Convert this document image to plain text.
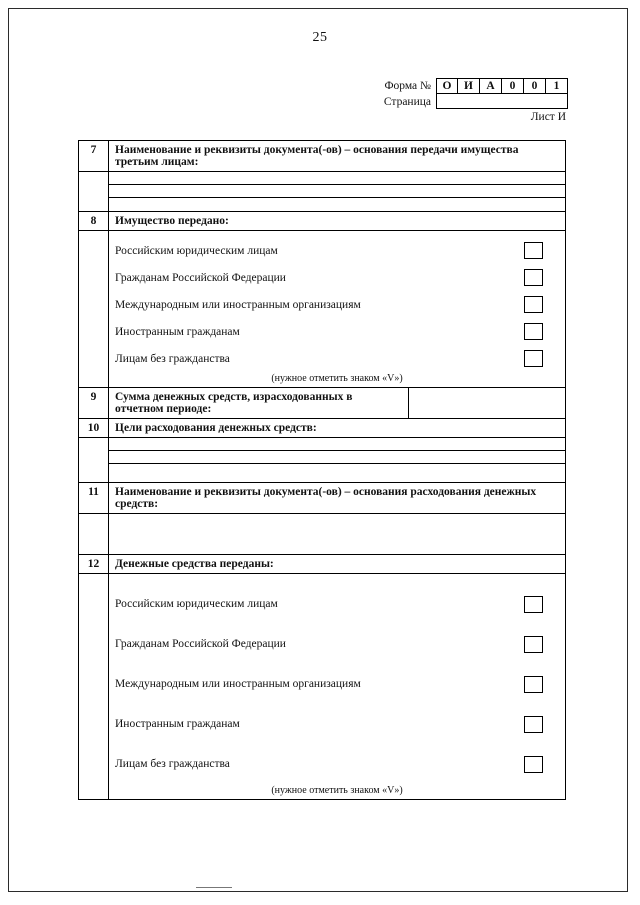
25
Форма №	О	И	А	0	0	1
Страница
Лист И
7	Наименование и реквизиты документа(-ов) – основания передачи имущества третьим лицам:
8	Имущество передано:
Российским юридическим лицам
Гражданам Российской Федерации
Международным или иностранным организациям
Иностранным гражданам
Лицам без гражданства
(нужное отметить знаком «V»)
9	Сумма денежных средств, израсходованных в отчетном периоде:
10	Цели расходования денежных средств:
11	Наименование и реквизиты документа(-ов) – основания расходования денежных средств:
12	Денежные средства переданы:
Российским юридическим лицам
Гражданам Российской Федерации
Международным или иностранным организациям
Иностранным гражданам
Лицам без гражданства
(нужное отметить знаком «V»)
